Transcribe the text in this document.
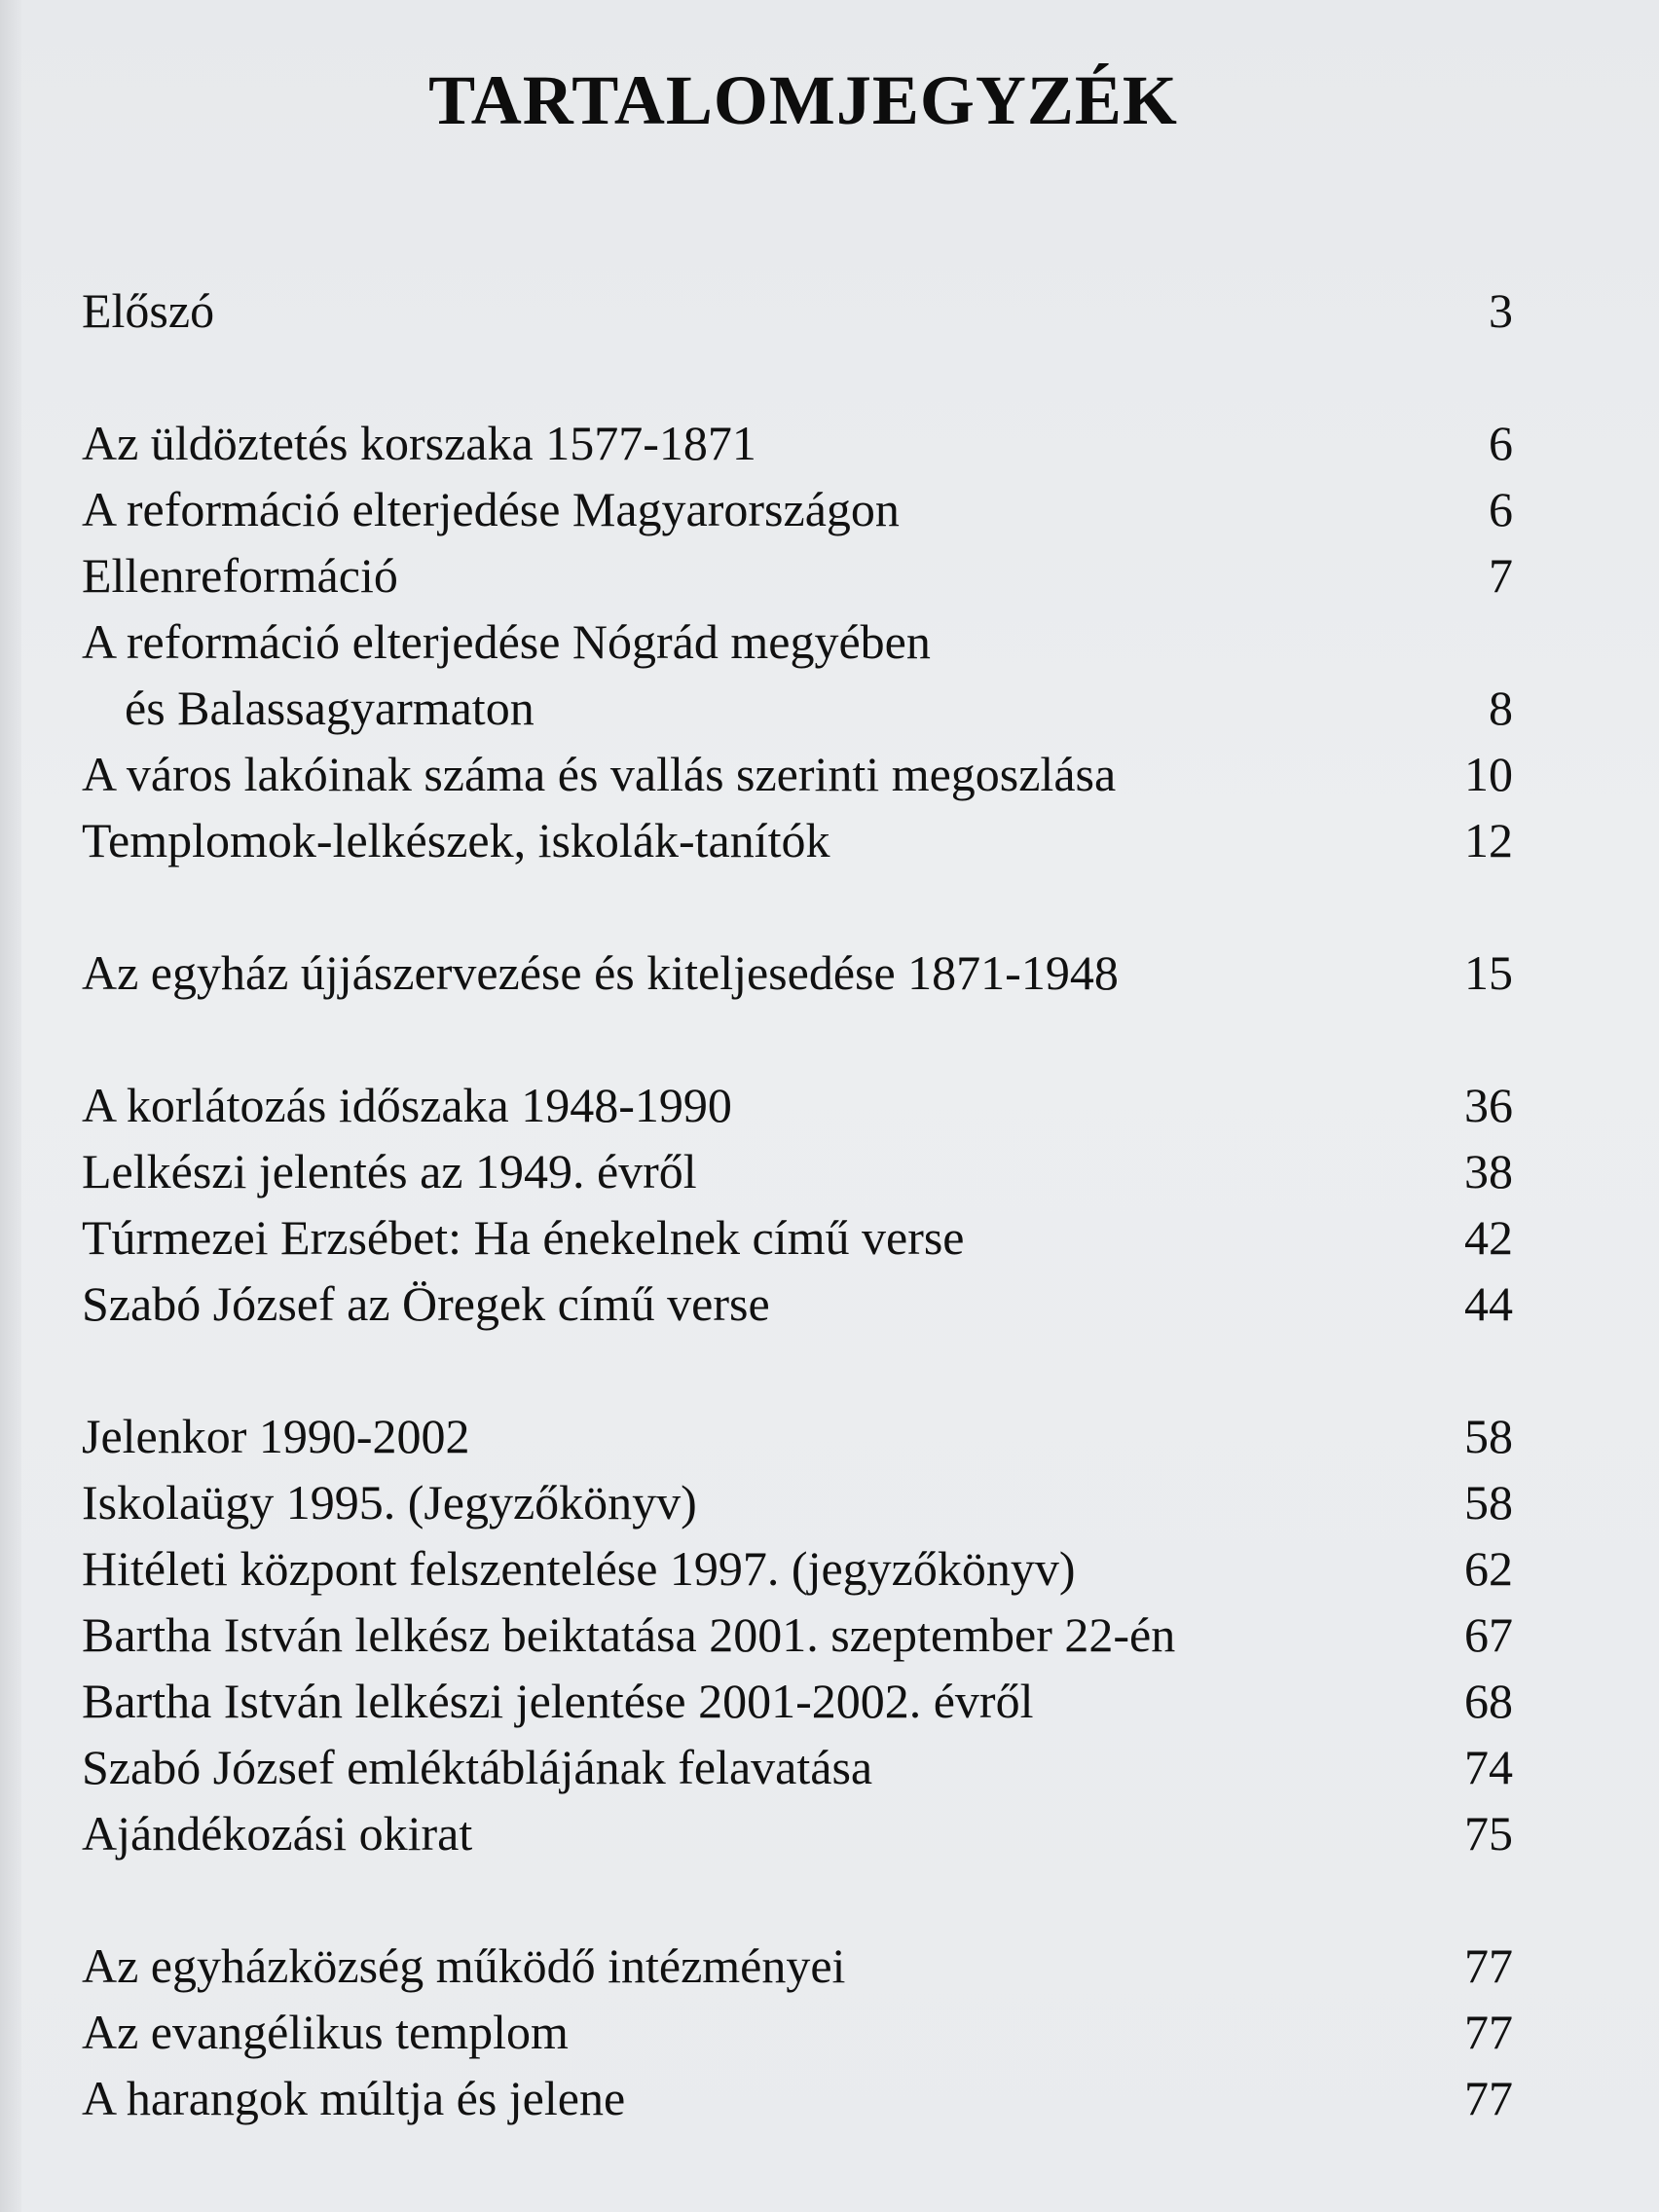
TARTALOMJEGYZÉK
Előszó	3
Az üldöztetés korszaka 1577-1871	6
A reformáció elterjedése Magyarországon	6
Ellenreformáció	7
A reformáció elterjedése Nógrád megyében
és Balassagyarmaton	8
A város lakóinak száma és vallás szerinti megoszlása	10
Templomok-lelkészek, iskolák-tanítók	12
Az egyház újjászervezése és kiteljesedése 1871-1948	15
A korlátozás időszaka 1948-1990	36
Lelkészi jelentés az 1949. évről	38
Túrmezei Erzsébet: Ha énekelnek című verse	42
Szabó József az Öregek című verse	44
Jelenkor 1990-2002	58
Iskolaügy 1995. (Jegyzőkönyv)	58
Hitéleti központ felszentelése 1997. (jegyzőkönyv)	62
Bartha István lelkész beiktatása 2001. szeptember 22-én	67
Bartha István lelkészi jelentése 2001-2002. évről	68
Szabó József emléktáblájának felavatása	74
Ajándékozási okirat	75
Az egyházközség működő intézményei	77
Az evangélikus templom	77
A harangok múltja és jelene	77
